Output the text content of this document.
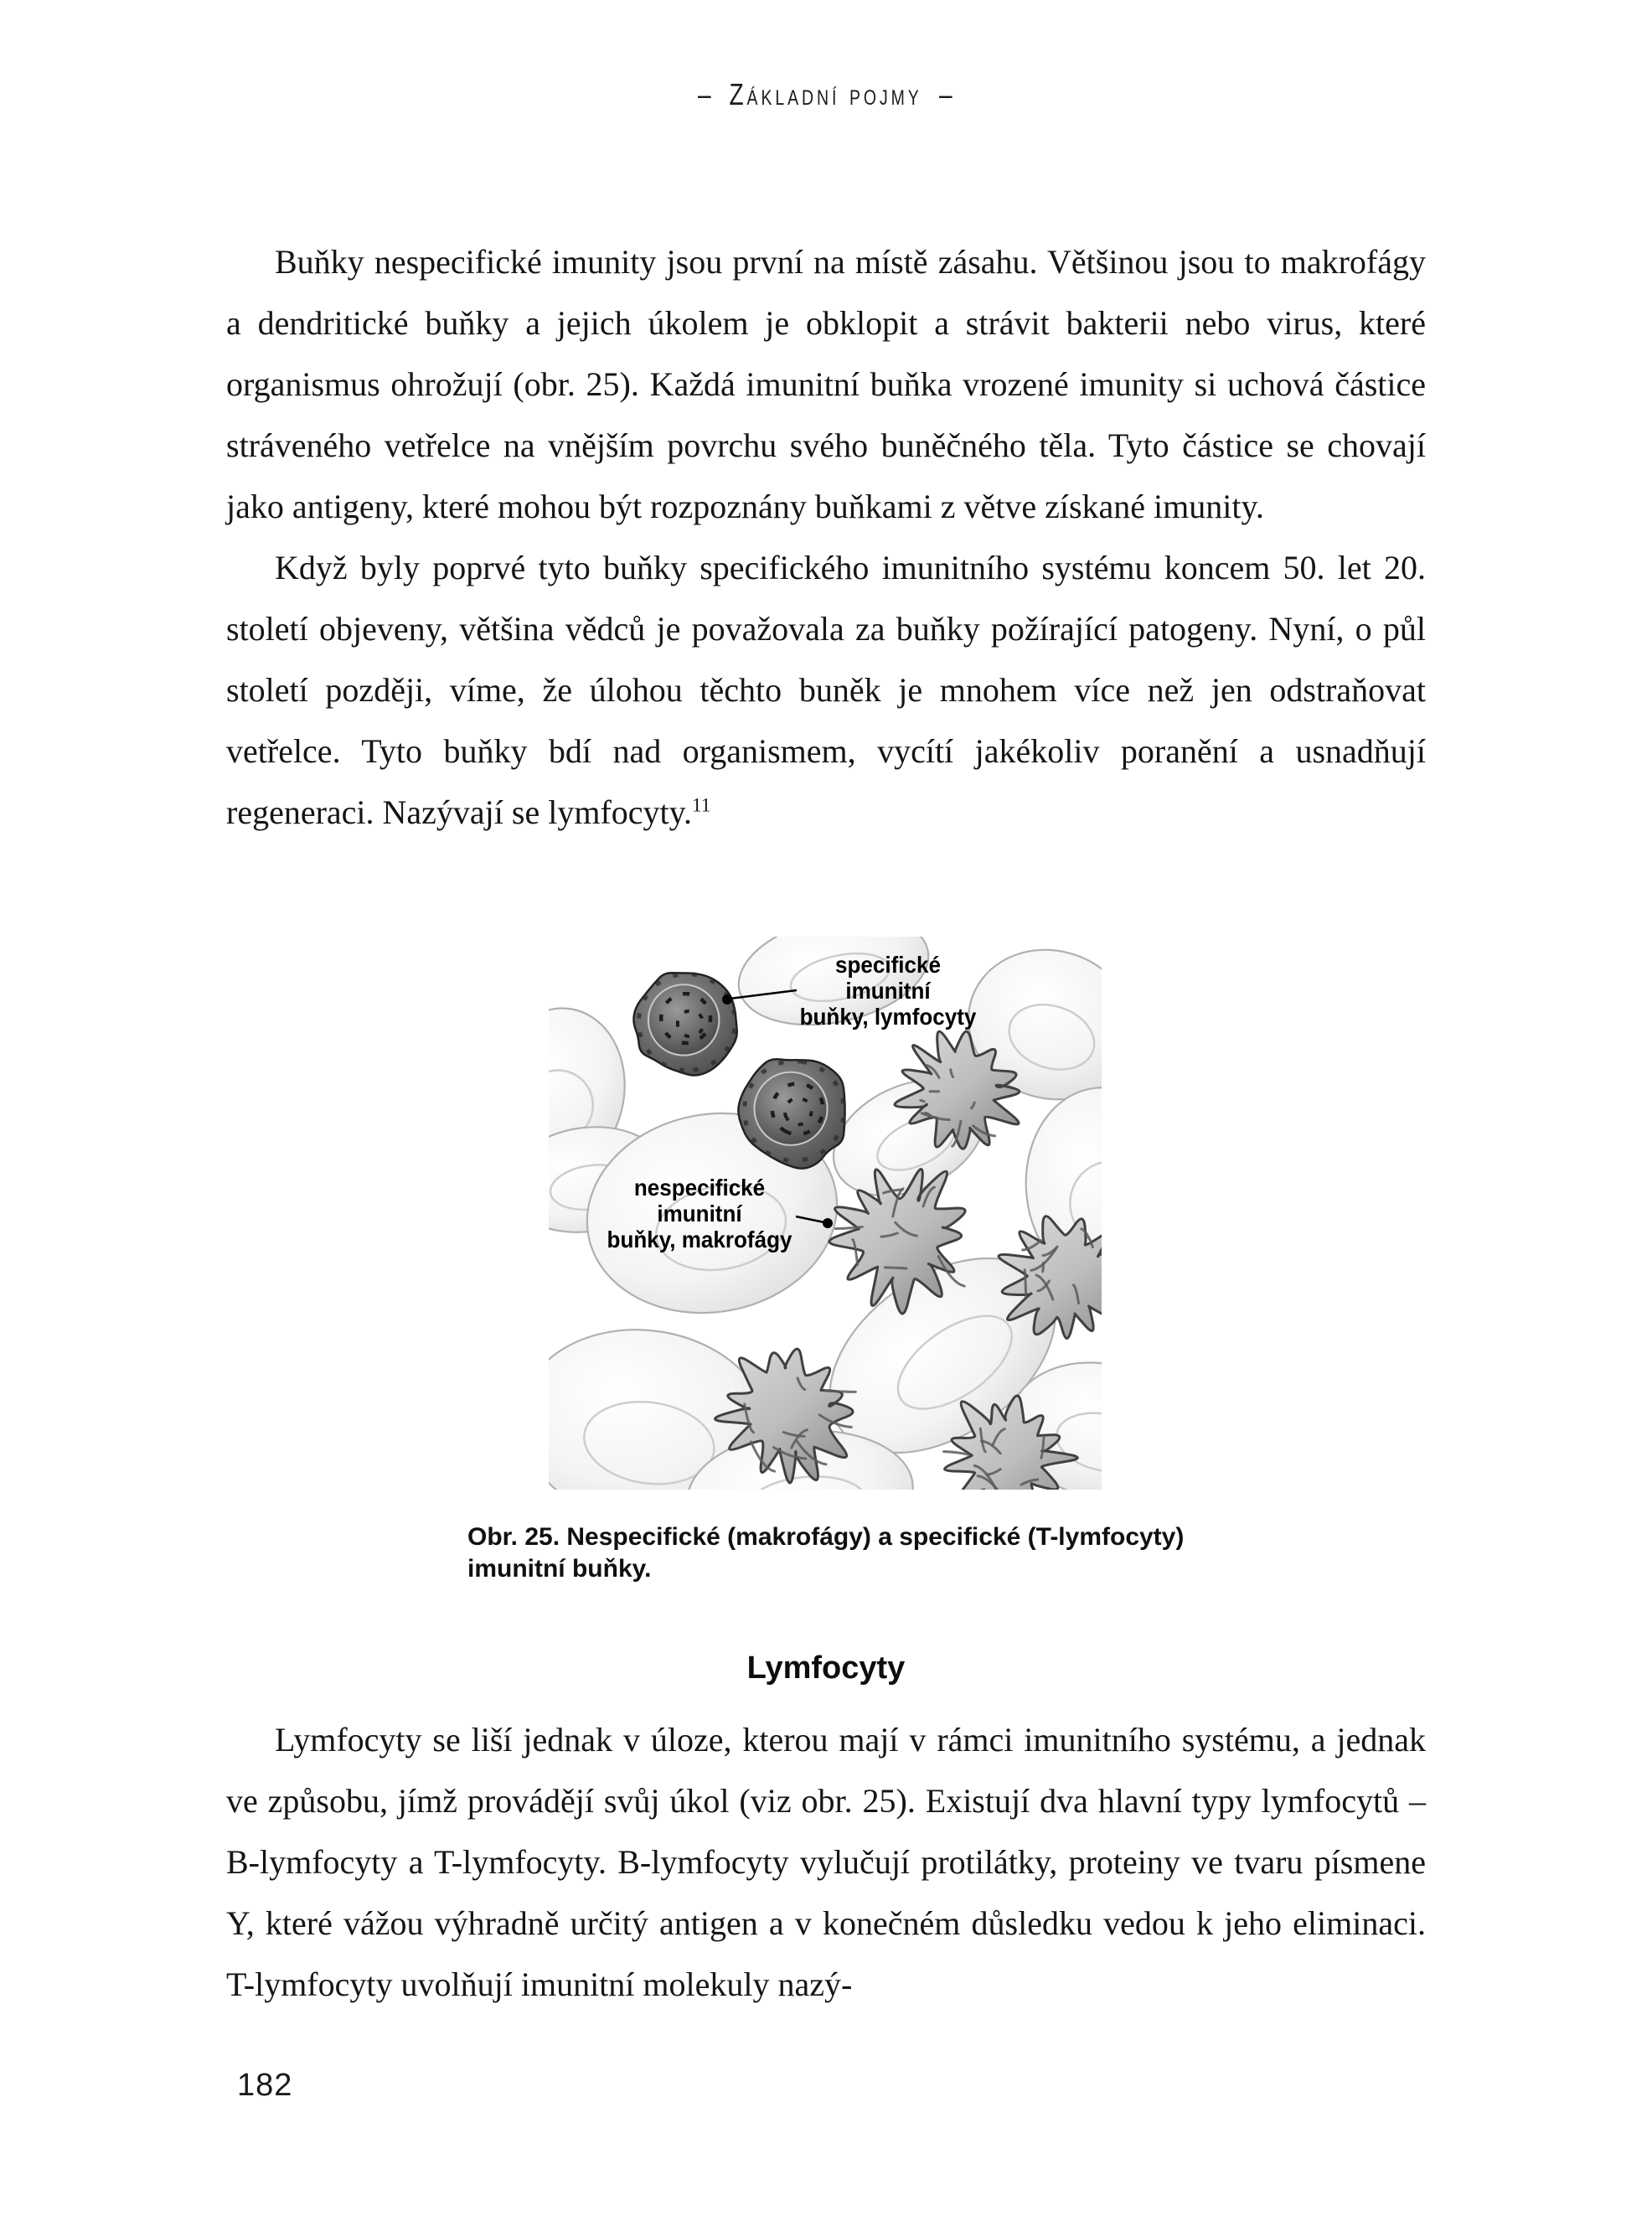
– Základní pojmy –

Buňky nespecifické imunity jsou první na místě zásahu. Většinou jsou to makrofágy a dendritické buňky a jejich úkolem je obklopit a strávit bakterii nebo virus, které organismus ohrožují (obr. 25). Každá imunitní buňka vrozené imunity si uchová částice stráveného vetřelce na vnějším povrchu svého buněčného těla. Tyto částice se chovají jako antigeny, které mohou být rozpoznány buňkami z větve získané imunity.

Když byly poprvé tyto buňky specifického imunitního systému koncem 50. let 20. století objeveny, většina vědců je považovala za buňky požírající patogeny. Nyní, o půl století později, víme, že úlohou těchto buněk je mnohem více než jen odstraňovat vetřelce. Tyto buňky bdí nad organismem, vycítí jakékoliv poranění a usnadňují regeneraci. Nazývají se lymfocyty.$^{11}$

specifické imunitní
buňky, lymfocyty
nespecifické imunitní
buňky, makrofágy
Obr. 25. Nespecifické (makrofágy) a specifické (T-lymfocyty) imunitní buňky.
Lymfocyty

Lymfocyty se liší jednak v úloze, kterou mají v rámci imunitního systému, a jednak ve způsobu, jímž provádějí svůj úkol (viz obr. 25). Existují dva hlavní typy lymfocytů – B-lymfocyty a T-lymfocyty. B-lymfocyty vylučují protilátky, proteiny ve tvaru písmene Y, které vážou výhradně určitý antigen a v konečném důsledku vedou k jeho eliminaci. T-lymfocyty uvolňují imunitní molekuly nazý-

182
